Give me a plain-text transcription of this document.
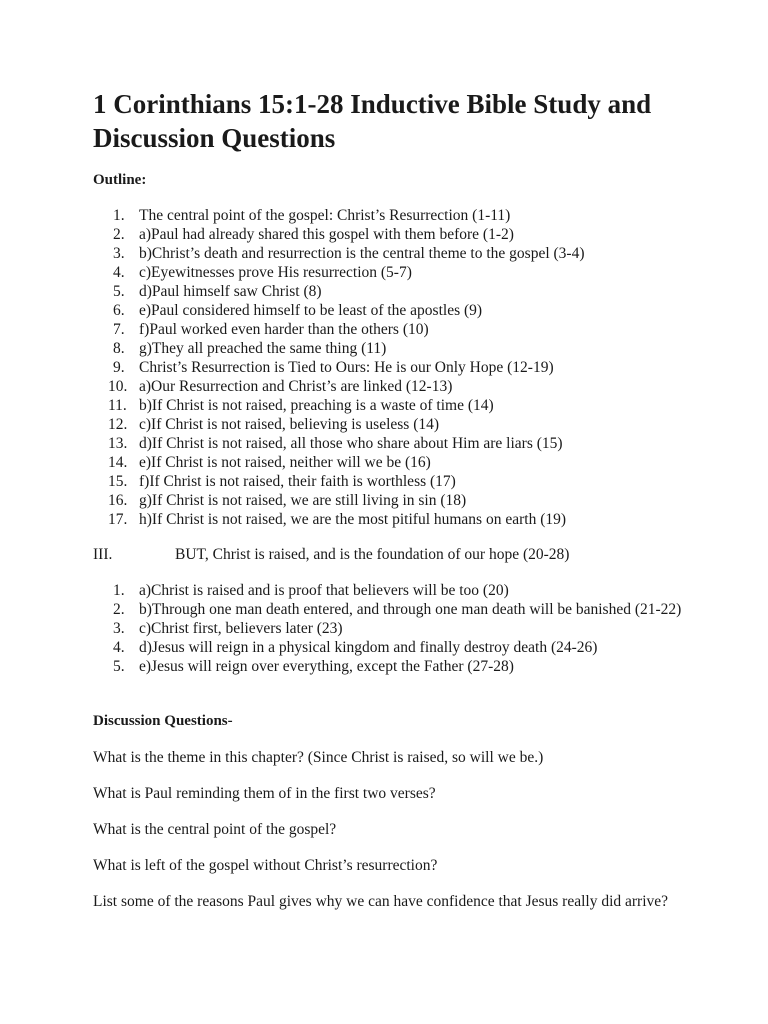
1 Corinthians 15:1-28 Inductive Bible Study and Discussion Questions
Outline:
1. The central point of the gospel: Christ’s Resurrection (1-11)
2. a)Paul had already shared this gospel with them before (1-2)
3. b)Christ’s death and resurrection is the central theme to the gospel (3-4)
4. c)Eyewitnesses prove His resurrection (5-7)
5. d)Paul himself saw Christ (8)
6. e)Paul considered himself to be least of the apostles (9)
7. f)Paul worked even harder than the others (10)
8. g)They all preached the same thing (11)
9. Christ’s Resurrection is Tied to Ours: He is our Only Hope (12-19)
10. a)Our Resurrection and Christ’s are linked (12-13)
11. b)If Christ is not raised, preaching is a waste of time (14)
12. c)If Christ is not raised, believing is useless (14)
13. d)If Christ is not raised, all those who share about Him are liars (15)
14. e)If Christ is not raised, neither will we be (16)
15. f)If Christ is not raised, their faith is worthless (17)
16. g)If Christ is not raised, we are still living in sin (18)
17. h)If Christ is not raised, we are the most pitiful humans on earth (19)
III.	BUT, Christ is raised, and is the foundation of our hope (20-28)
1. a)Christ is raised and is proof that believers will be too (20)
2. b)Through one man death entered, and through one man death will be banished (21-22)
3. c)Christ first, believers later (23)
4. d)Jesus will reign in a physical kingdom and finally destroy death (24-26)
5. e)Jesus will reign over everything, except the Father (27-28)
Discussion Questions-
What is the theme in this chapter? (Since Christ is raised, so will we be.)
What is Paul reminding them of in the first two verses?
What is the central point of the gospel?
What is left of the gospel without Christ’s resurrection?
List some of the reasons Paul gives why we can have confidence that Jesus really did arrive?
